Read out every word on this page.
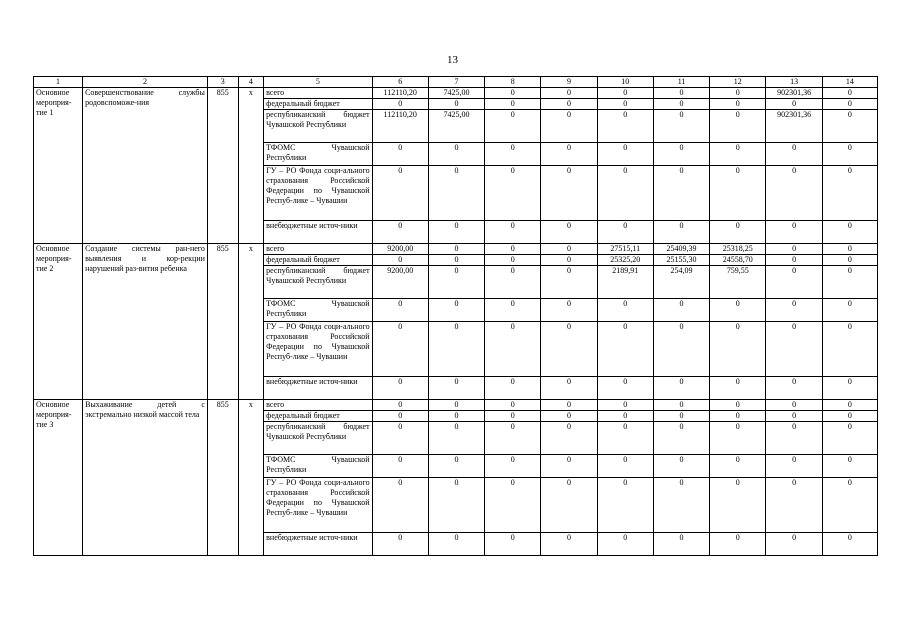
13
1	2	3	4	5	6	7	8	9	10	11	12	13	14
Основное мероприя-тие 1	Совершенствование службы родовспоможе-ния	855	x	всего	112110,20	7425,00	0	0	0	0	0	902301,36	0
				федеральный бюджет	0	0	0	0	0	0	0	0	0
				республиканский бюджет Чувашской Республики	112110,20	7425,00	0	0	0	0	0	902301,36	0
				ТФОМС Чувашской Республики	0	0	0	0	0	0	0	0	0
				ГУ – РО Фонда соци-ального страхования Российской Федерации по Чувашской Респуб-лике – Чувашии	0	0	0	0	0	0	0	0	0
				внебюджетные источ-ники	0	0	0	0	0	0	0	0	0
Основное мероприя-тие 2	Создание системы ран-него выявления и кор-рекции нарушений раз-вития ребенка	855	x	всего	9200,00	0	0	0	27515,11	25409,39	25318,25	0	0
				федеральный бюджет	0	0	0	0	25325,20	25155,30	24558,70	0	0
				республиканский бюджет Чувашской Республики	9200,00	0	0	0	2189,91	254,09	759,55	0	0
				ТФОМС Чувашской Республики	0	0	0	0	0	0	0	0	0
				ГУ – РО Фонда соци-ального страхования Российской Федерации по Чувашской Респуб-лике – Чувашии	0	0	0	0	0	0	0	0	0
				внебюджетные источ-ники	0	0	0	0	0	0	0	0	0
Основное мероприя-тие 3	Выхаживание детей с экстремально низкой массой тела	855	x	всего	0	0	0	0	0	0	0	0	0
				федеральный бюджет	0	0	0	0	0	0	0	0	0
				республиканский бюджет Чувашской Республики	0	0	0	0	0	0	0	0	0
				ТФОМС Чувашской Республики	0	0	0	0	0	0	0	0	0
				ГУ – РО Фонда соци-ального страхования Российской Федерации по Чувашской Респуб-лике – Чувашии	0	0	0	0	0	0	0	0	0
				внебюджетные источ-ники	0	0	0	0	0	0	0	0	0
